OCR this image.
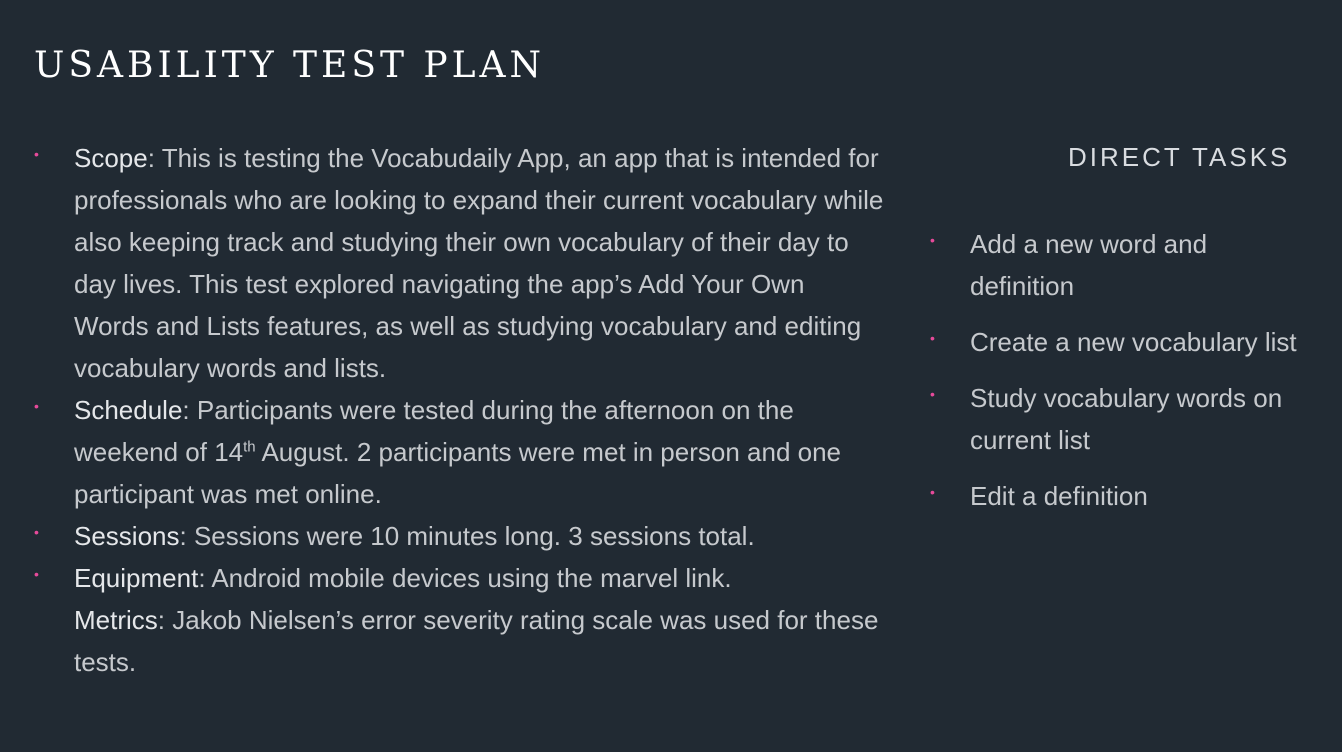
USABILITY TEST PLAN
• Scope: This is testing the Vocabudaily App, an app that is intended for professionals who are looking to expand their current vocabulary while also keeping track and studying their own vocabulary of their day to day lives. This test explored navigating the app’s Add Your Own Words and Lists features, as well as studying vocabulary and editing vocabulary words and lists.
• Schedule: Participants were tested during the afternoon on the weekend of 14th August. 2 participants were met in person and one participant was met online.
• Sessions: Sessions were 10 minutes long. 3 sessions total.
• Equipment: Android mobile devices using the marvel link.
Metrics: Jakob Nielsen’s error severity rating scale was used for these tests.
DIRECT TASKS
• Add a new word and definition
• Create a new vocabulary list
• Study vocabulary words on current list
• Edit a definition
